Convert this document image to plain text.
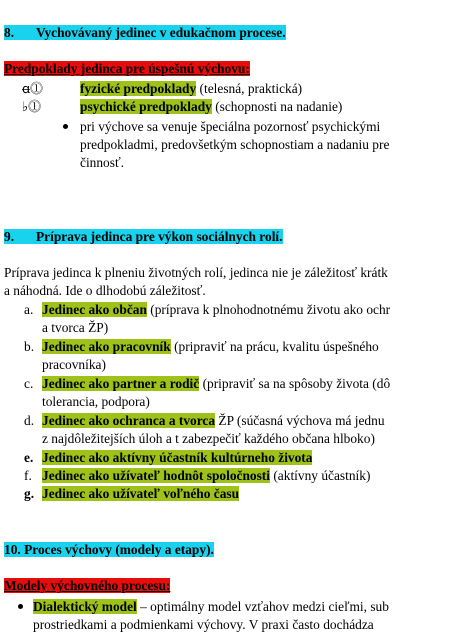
8. Vychovávaný jedinec v edukačnom procese.
Predpoklady jedinca pre úspešnú výchovu:
ꬰ⓵	fyzické predpoklady (telesná, praktická)
♭⓵	psychické predpoklady (schopnosti na nadanie)
pri výchove sa venuje špeciálna pozornosť psychickými
predpokladmi, predovšetkým schopnostiam a nadaniu pre
činnosť.
9. Príprava jedinca pre výkon sociálnych rolí.
Príprava jedinca k plneniu životných rolí, jedinca nie je záležitosť krátk
a náhodná. Ide o dlhodobú záležitosť.
a. Jedinec ako občan (príprava k plnohodnotnému životu ako ochr
a tvorca ŽP)
b. Jedinec ako pracovník (pripraviť na prácu, kvalitu úspešného
pracovníka)
c. Jedinec ako partner a rodič (pripraviť sa na spôsoby života (dô
tolerancia, podpora)
d. Jedinec ako ochranca a tvorca ŽP (súčasná výchova má jednu
z najdôležitejších úloh a t zabezpečiť každého občana hlboko)
e. Jedinec ako aktívny účastník kultúrneho života
f. Jedinec ako užívateľ hodnôt spoločnosti (aktívny účastník)
g. Jedinec ako užívateľ voľného času
10. Proces výchovy (modely a etapy).
Modely výchovného procesu:
Dialektický model – optimálny model vzťahov medzi cieľmi, sub
prostriedkami a podmienkami výchovy. V praxi často dochádza
